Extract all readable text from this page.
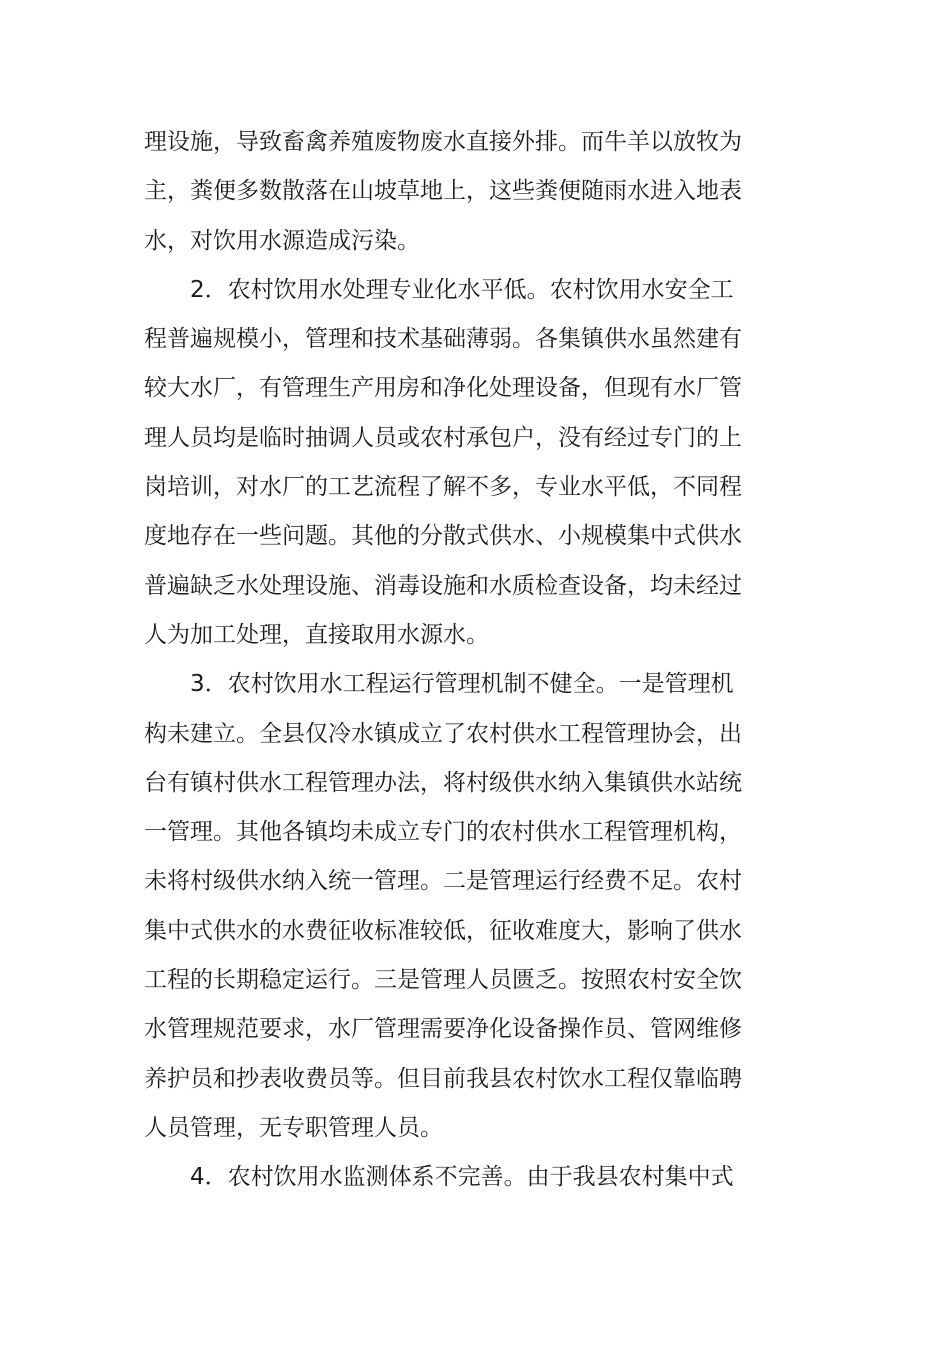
理设施，导致畜禽养殖废物废水直接外排。而牛羊以放牧为
主，粪便多数散落在山坡草地上，这些粪便随雨水进入地表
水，对饮用水源造成污染。
2．农村饮用水处理专业化水平低。农村饮用水安全工
程普遍规模小，管理和技术基础薄弱。各集镇供水虽然建有
较大水厂，有管理生产用房和净化处理设备，但现有水厂管
理人员均是临时抽调人员或农村承包户，没有经过专门的上
岗培训，对水厂的工艺流程了解不多，专业水平低，不同程
度地存在一些问题。其他的分散式供水、小规模集中式供水
普遍缺乏水处理设施、消毒设施和水质检查设备，均未经过
人为加工处理，直接取用水源水。
3．农村饮用水工程运行管理机制不健全。一是管理机
构未建立。全县仅冷水镇成立了农村供水工程管理协会，出
台有镇村供水工程管理办法，将村级供水纳入集镇供水站统
一管理。其他各镇均未成立专门的农村供水工程管理机构，
未将村级供水纳入统一管理。二是管理运行经费不足。农村
集中式供水的水费征收标准较低，征收难度大，影响了供水
工程的长期稳定运行。三是管理人员匮乏。按照农村安全饮
水管理规范要求，水厂管理需要净化设备操作员、管网维修
养护员和抄表收费员等。但目前我县农村饮水工程仅靠临聘
人员管理，无专职管理人员。
4．农村饮用水监测体系不完善。由于我县农村集中式
